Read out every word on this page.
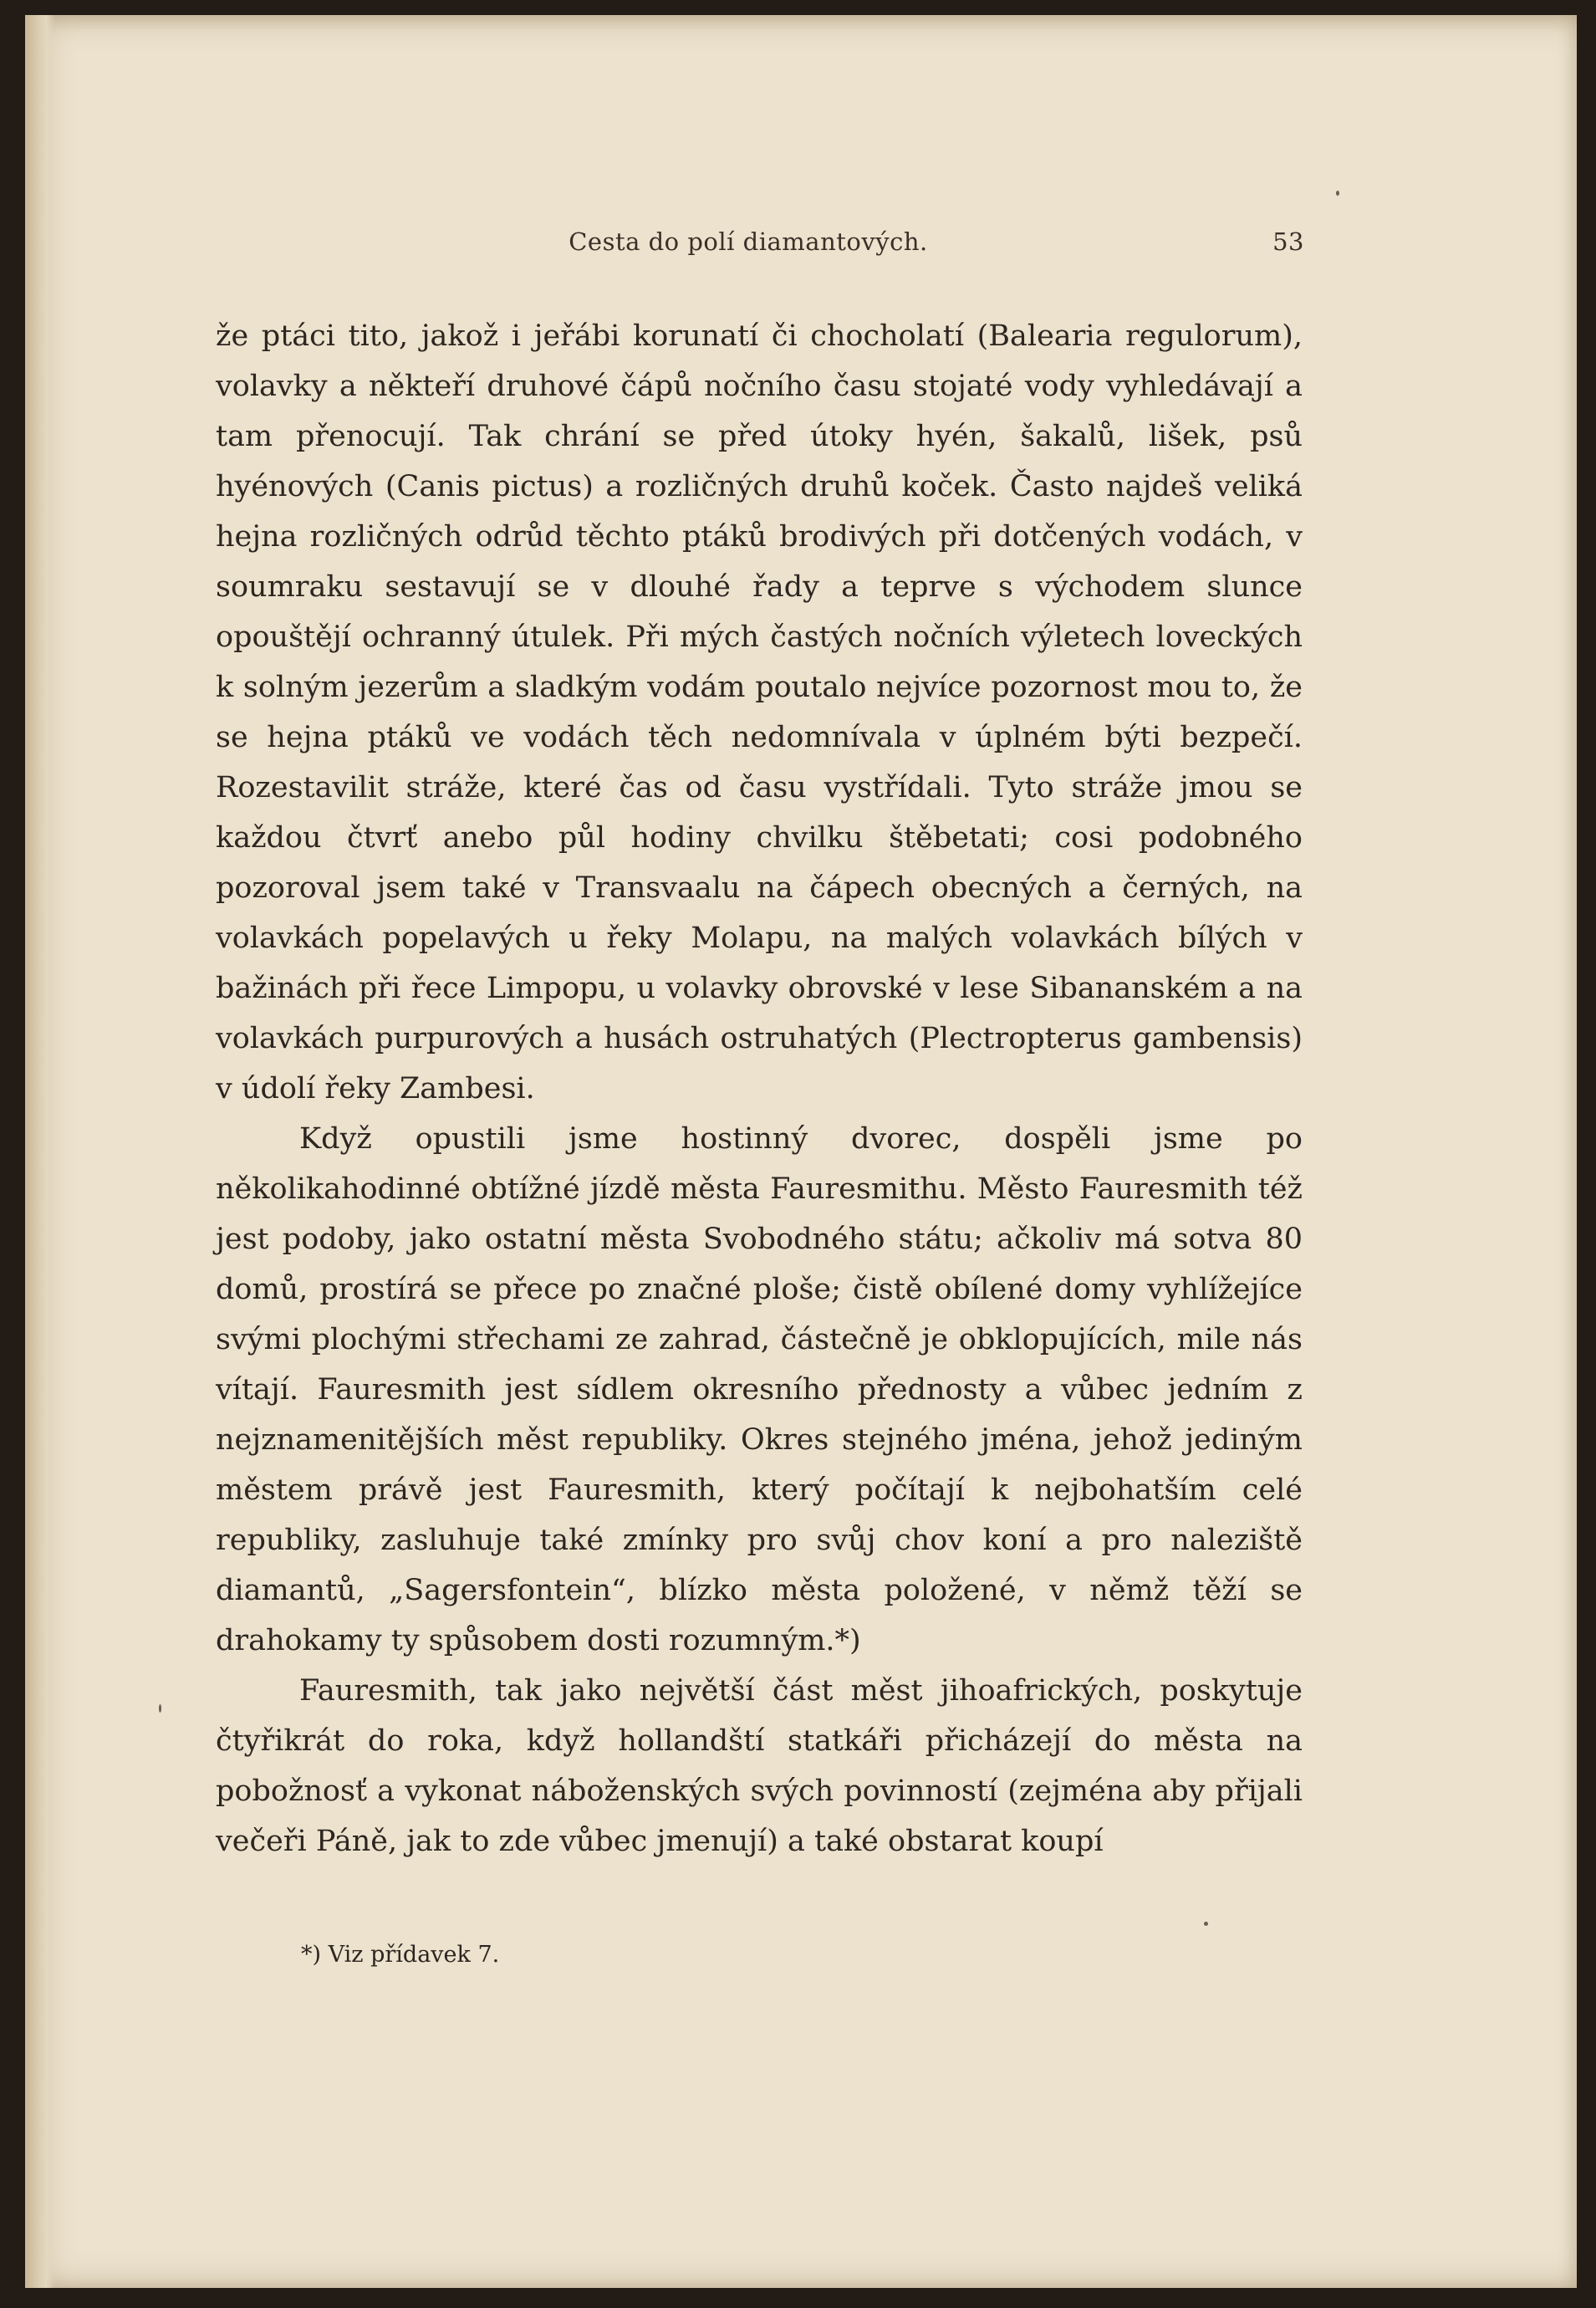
Cesta do polí diamantových.	53

že ptáci tito, jakož i jeřábi korunatí či chocholatí (Balearia regulorum), volavky a někteří druhové čápů nočního času stojaté vody vyhledávají a tam přenocují. Tak chrání se před útoky hyén, šakalů, lišek, psů hyénových (Canis pictus) a rozličných druhů koček. Často najdeš veliká hejna rozličných odrůd těchto ptáků brodivých při dotčených vodách, v soumraku sestavují se v dlouhé řady a teprve s východem slunce opouštějí ochranný útulek. Při mých častých nočních výletech loveckých k solným jezerům a sladkým vodám poutalo nejvíce pozornost mou to, že se hejna ptáků ve vodách těch nedomnívala v úplném býti bezpečí. Rozestavilit stráže, které čas od času vystřídali. Tyto stráže jmou se každou čtvrť anebo půl hodiny chvilku štěbetati; cosi podobného pozoroval jsem také v Transvaalu na čápech obecných a černých, na volavkách popelavých u řeky Molapu, na malých volavkách bílých v bažinách při řece Limpopu, u volavky obrovské v lese Sibananském a na volavkách purpurových a husách ostruhatých (Plectropterus gambensis) v údolí řeky Zambesi.

Když opustili jsme hostinný dvorec, dospěli jsme po několikahodinné obtížné jízdě města Fauresmithu. Město Fauresmith též jest podoby, jako ostatní města Svobodného státu; ačkoliv má sotva 80 domů, prostírá se přece po značné ploše; čistě obílené domy vyhlížejíce svými plochými střechami ze zahrad, částečně je obklopujících, mile nás vítají. Fauresmith jest sídlem okresního přednosty a vůbec jedním z nejznamenitějších měst republiky. Okres stejného jména, jehož jediným městem právě jest Fauresmith, který počítají k nejbohatším celé republiky, zasluhuje také zmínky pro svůj chov koní a pro naleziště diamantů, „Sagersfontein“, blízko města položené, v němž těží se drahokamy ty spůsobem dosti rozumným.*)

Fauresmith, tak jako největší část měst jihoafrických, poskytuje čtyřikrát do roka, když hollandští statkáři přicházejí do města na pobožnosť a vykonat náboženských svých povinností (zejména aby přijali večeři Páně, jak to zde vůbec jmenují) a také obstarat koupí

*) Viz přídavek 7.
